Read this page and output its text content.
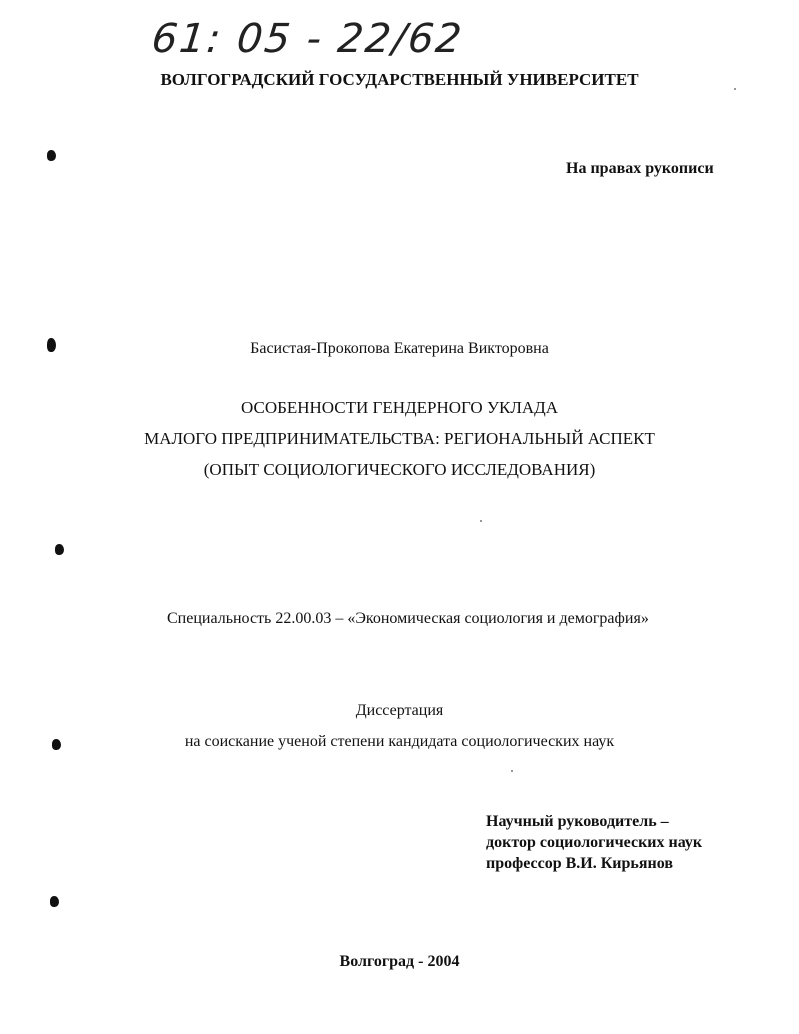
61: 05 - 22/62
ВОЛГОГРАДСКИЙ ГОСУДАРСТВЕННЫЙ УНИВЕРСИТЕТ
На правах рукописи
Басистая-Прокопова Екатерина Викторовна
ОСОБЕННОСТИ ГЕНДЕРНОГО УКЛАДА
МАЛОГО ПРЕДПРИНИМАТЕЛЬСТВА: РЕГИОНАЛЬНЫЙ АСПЕКТ
(ОПЫТ СОЦИОЛОГИЧЕСКОГО ИССЛЕДОВАНИЯ)
Специальность 22.00.03 – «Экономическая социология и демография»
Диссертация
на соискание ученой степени кандидата социологических наук
Научный руководитель –
доктор социологических наук
профессор В.И. Кирьянов
Волгоград - 2004
